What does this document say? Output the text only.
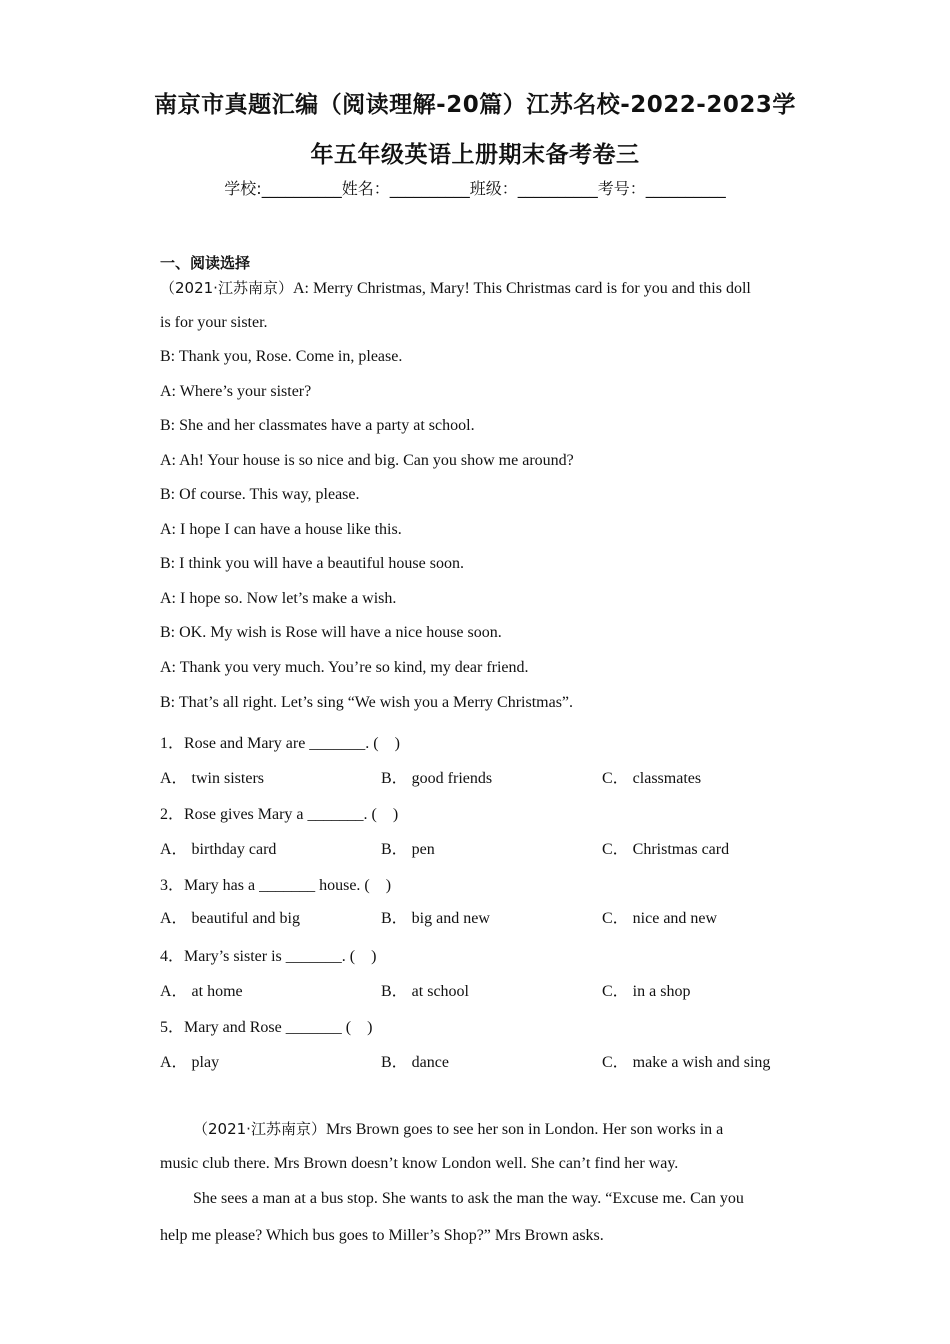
南京市真题汇编（阅读理解-20篇）江苏名校-2022-2023学
年五年级英语上册期末备考卷三
学校:__________姓名：__________班级：__________考号：__________
一、阅读选择
（2021·江苏南京）A: Merry Christmas, Mary! This Christmas card is for you and this doll
is for your sister.
B: Thank you, Rose. Come in, please.
A: Where’s your sister?
B: She and her classmates have a party at school.
A: Ah! Your house is so nice and big. Can you show me around?
B: Of course. This way, please.
A: I hope I can have a house like this.
B: I think you will have a beautiful house soon.
A: I hope so. Now let’s make a wish.
B: OK. My wish is Rose will have a nice house soon.
A: Thank you very much. You’re so kind, my dear friend.
B: That’s all right. Let’s sing “We wish you a Merry Christmas”.
1．Rose and Mary are _______. (　)
A． twin sisters	B． good friends	C． classmates
2．Rose gives Mary a _______. (　)
A． birthday card	B． pen	C． Christmas card
3．Mary has a _______ house. (　)
A． beautiful and big	B． big and new	C． nice and new
4．Mary’s sister is _______. (　)
A． at home	B． at school	C． in a shop
5．Mary and Rose _______ (　)
A． play	B． dance	C． make a wish and sing
（2021·江苏南京）Mrs Brown goes to see her son in London. Her son works in a
music club there. Mrs Brown doesn’t know London well. She can’t find her way.
She sees a man at a bus stop. She wants to ask the man the way. “Excuse me. Can you
help me please? Which bus goes to Miller’s Shop?” Mrs Brown asks.
